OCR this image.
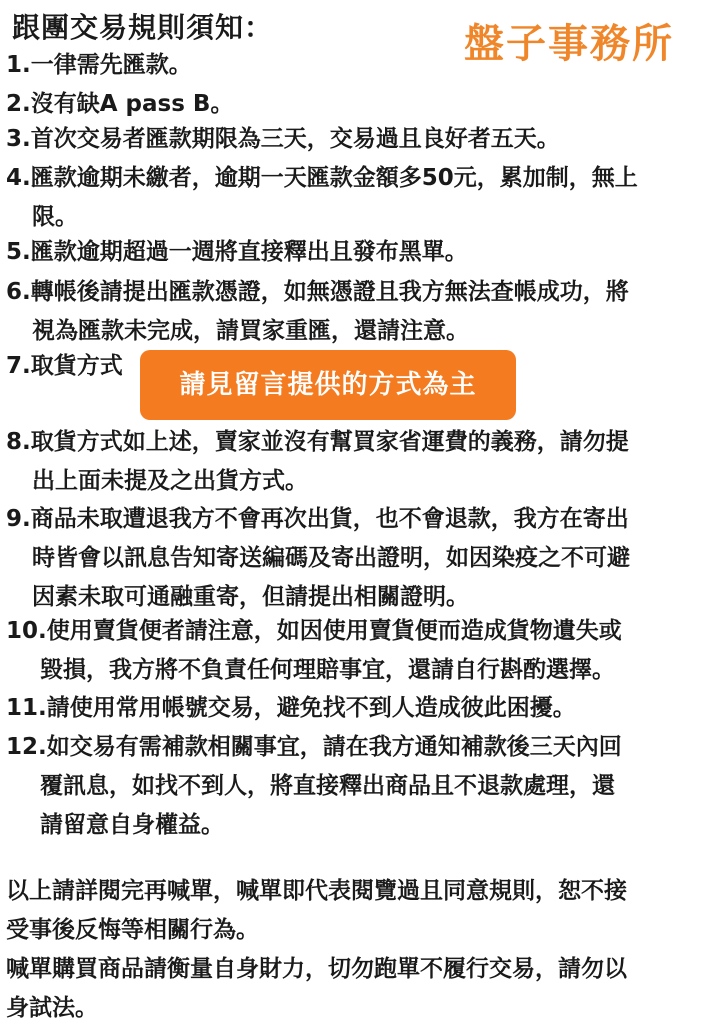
跟團交易規則須知：	盤子事務所
1.一律需先匯款。
2.沒有缺A pass B。
3.首次交易者匯款期限為三天，交易過且良好者五天。
4.匯款逾期未繳者，逾期一天匯款金額多50元，累加制，無上
限。
5.匯款逾期超過一週將直接釋出且發布黑單。
6.轉帳後請提出匯款憑證，如無憑證且我方無法查帳成功，將
視為匯款未完成，請買家重匯，還請注意。
7.取貨方式
請見留言提供的方式為主
8.取貨方式如上述，賣家並沒有幫買家省運費的義務，請勿提
出上面未提及之出貨方式。
9.商品未取遭退我方不會再次出貨，也不會退款，我方在寄出
時皆會以訊息告知寄送編碼及寄出證明，如因染疫之不可避
因素未取可通融重寄，但請提出相關證明。
10.使用賣貨便者請注意，如因使用賣貨便而造成貨物遺失或
毀損，我方將不負責任何理賠事宜，還請自行斟酌選擇。
11.請使用常用帳號交易，避免找不到人造成彼此困擾。
12.如交易有需補款相關事宜，請在我方通知補款後三天內回
覆訊息，如找不到人，將直接釋出商品且不退款處理，還
請留意自身權益。
以上請詳閱完再喊單，喊單即代表閱覽過且同意規則，恕不接
受事後反悔等相關行為。
喊單購買商品請衡量自身財力，切勿跑單不履行交易，請勿以
身試法。
